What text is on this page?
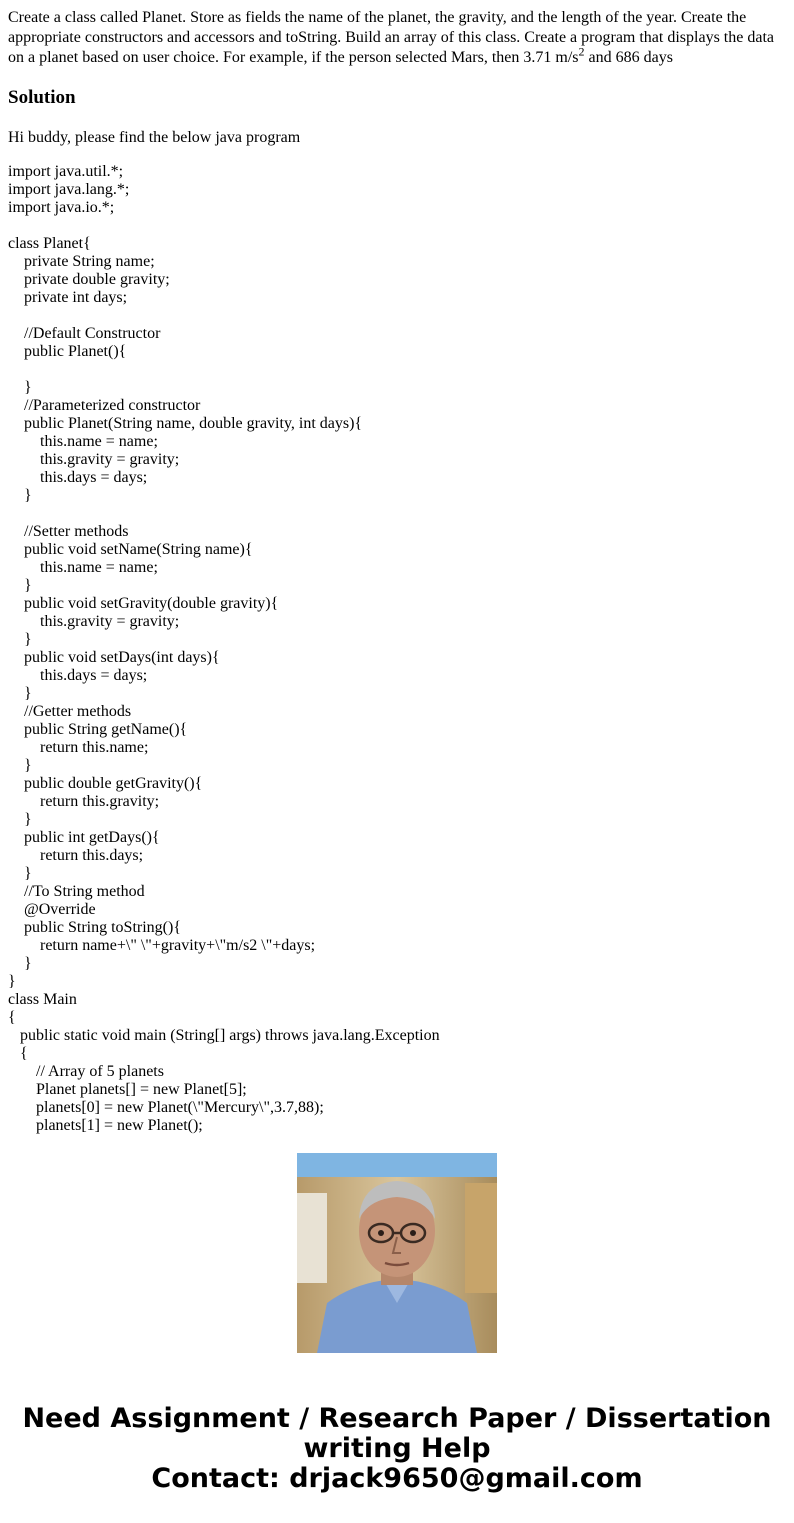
Create a class called Planet. Store as fields the name of the planet, the gravity, and the length of the year. Create the appropriate constructors and accessors and toString. Build an array of this class. Create a program that displays the data on a planet based on user choice. For example, if the person selected Mars, then 3.71 $m/s^2$ and 686 days

Solution

Hi buddy, please find the below java program

import java.util.*;
import java.lang.*;
import java.io.*;

class Planet{
private String name;
private double gravity;
private int days;

//Default Constructor
public Planet(){

}
//Parameterized constructor
public Planet(String name, double gravity, int days){
this.name = name;
this.gravity = gravity;
this.days = days;
}

//Setter methods
public void setName(String name){
this.name = name;
}
public void setGravity(double gravity){
this.gravity = gravity;
}
public void setDays(int days){
this.days = days;
}
//Getter methods
public String getName(){
return this.name;
}
public double getGravity(){
return this.gravity;
}
public int getDays(){
return this.days;
}
//To String method
@Override
public String toString(){
return name+\" \"+gravity+\"m/s2 \"+days;
}
}
class Main
{
public static void main (String[] args) throws java.lang.Exception
{
// Array of 5 planets
Planet planets[] = new Planet[5];
planets[0] = new Planet(\"Mercury\",3.7,88);
planets[1] = new Planet();
Need Assignment / Research Paper / Dissertation
writing Help
Contact: drjack9650@gmail.com
